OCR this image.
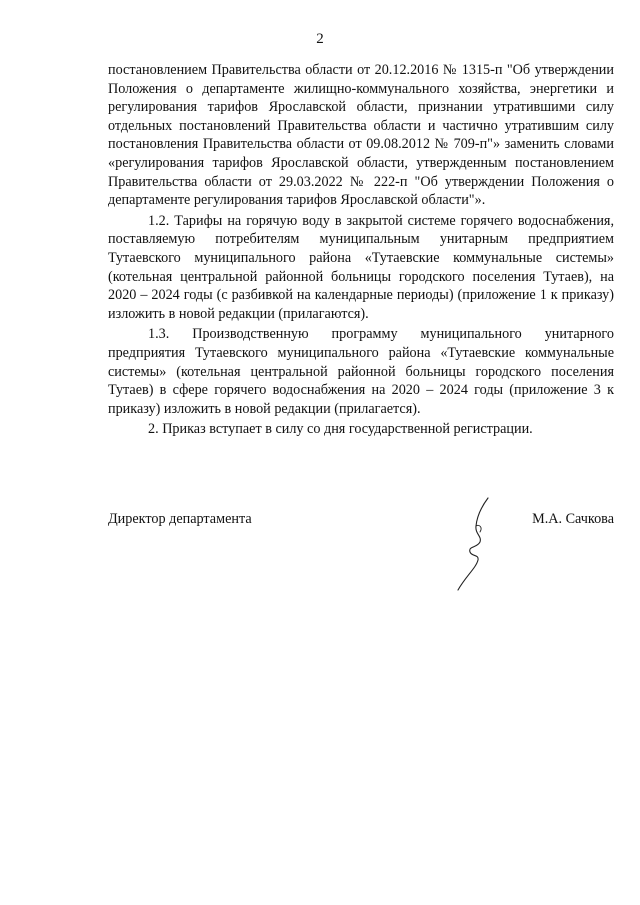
2

постановлением Правительства области от 20.12.2016 № 1315-п "Об утверждении Положения о департаменте жилищно-коммунального хозяйства, энергетики и регулирования тарифов Ярославской области, признании утратившими силу отдельных постановлений Правительства области и частично утратившим силу постановления Правительства области от 09.08.2012 № 709-п"» заменить словами «регулирования тарифов Ярославской области, утвержденным постановлением Правительства области от 29.03.2022 № 222-п "Об утверждении Положения о департаменте регулирования тарифов Ярославской области"».

1.2. Тарифы на горячую воду в закрытой системе горячего водоснабжения, поставляемую потребителям муниципальным унитарным предприятием Тутаевского муниципального района «Тутаевские коммунальные системы» (котельная центральной районной больницы городского поселения Тутаев), на 2020 – 2024 годы (с разбивкой на календарные периоды) (приложение 1 к приказу) изложить в новой редакции (прилагаются).

1.3. Производственную программу муниципального унитарного предприятия Тутаевского муниципального района «Тутаевские коммунальные системы» (котельная центральной районной больницы городского поселения Тутаев) в сфере горячего водоснабжения на 2020 – 2024 годы (приложение 3 к приказу) изложить в новой редакции (прилагается).

2. Приказ вступает в силу со дня государственной регистрации.

Директор департамента	М.А. Сачкова
